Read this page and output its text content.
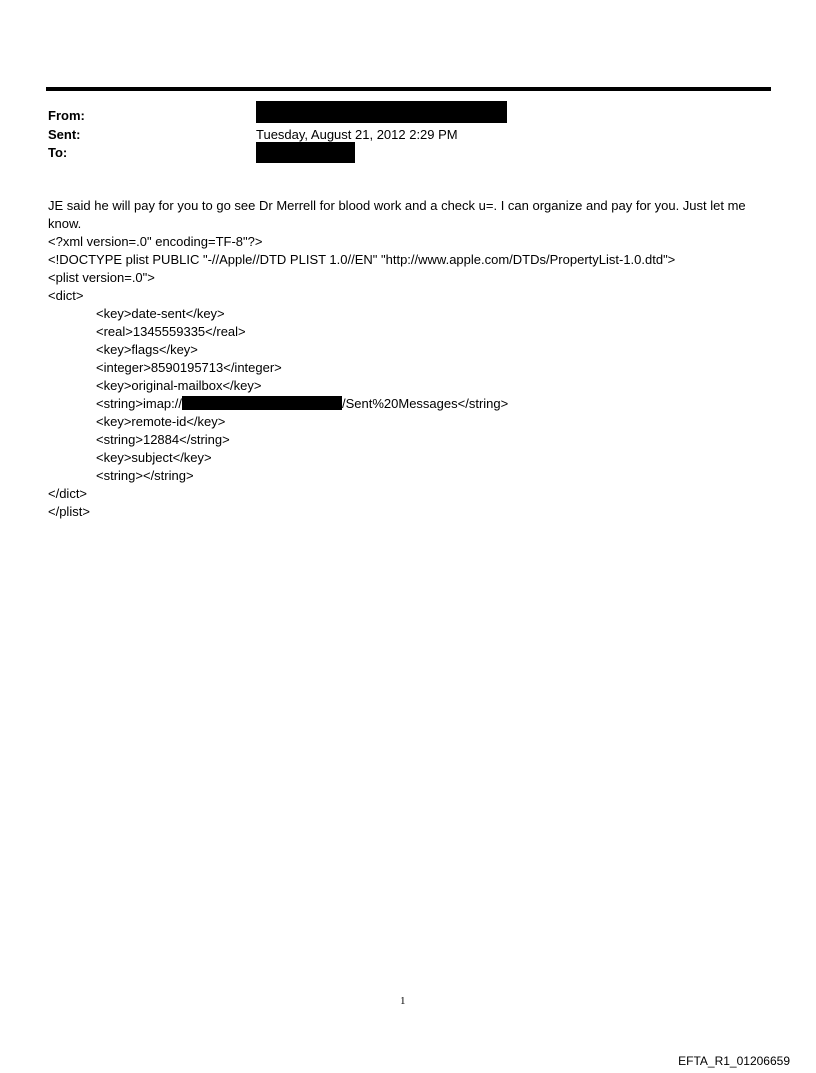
From:
Sent:	Tuesday, August 21, 2012 2:29 PM
To:

JE said he will pay for you to go see Dr Merrell for blood work and a check u=. I can organize and pay for you. Just let me know.

<?xml version=.0" encoding=TF-8"?>
<!DOCTYPE plist PUBLIC "-//Apple//DTD PLIST 1.0//EN" "http://www.apple.com/DTDs/PropertyList-1.0.dtd">
<plist version=.0">
<dict>
<key>date-sent</key>
<real>1345559335</real>
<key>flags</key>
<integer>8590195713</integer>
<key>original-mailbox</key>
<string>imap://	/Sent%20Messages</string>
<key>remote-id</key>
<string>12884</string>
<key>subject</key>
<string></string>
</dict>
</plist>
1
EFTA_R1_01206659
